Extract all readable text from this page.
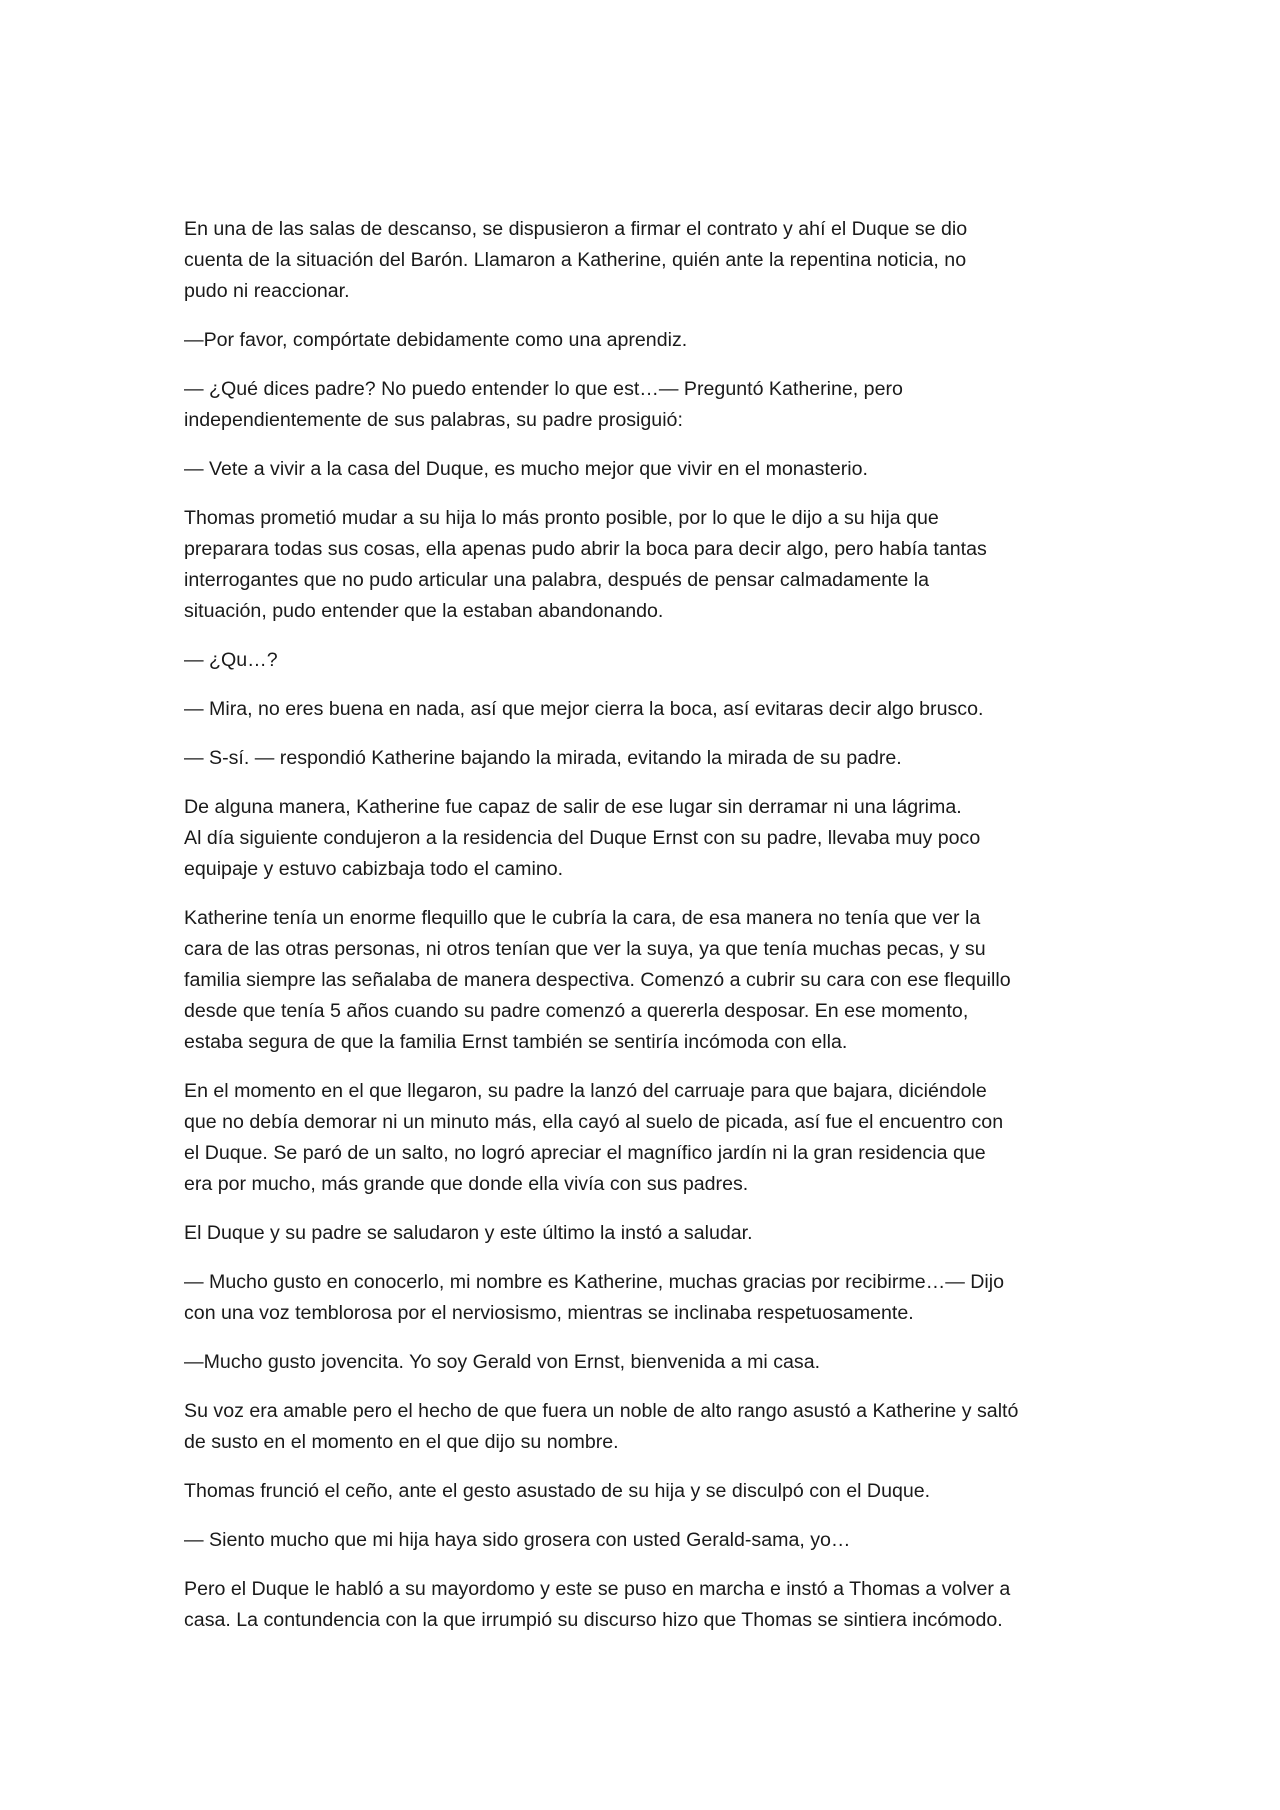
En una de las salas de descanso, se dispusieron a firmar el contrato y ahí el Duque se dio
cuenta de la situación del Barón. Llamaron a Katherine, quién ante la repentina noticia, no
pudo ni reaccionar.

—Por favor, compórtate debidamente como una aprendiz.

— ¿Qué dices padre? No puedo entender lo que est…— Preguntó Katherine, pero
independientemente de sus palabras, su padre prosiguió:

— Vete a vivir a la casa del Duque, es mucho mejor que vivir en el monasterio.

Thomas prometió mudar a su hija lo más pronto posible, por lo que le dijo a su hija que
preparara todas sus cosas, ella apenas pudo abrir la boca para decir algo, pero había tantas
interrogantes que no pudo articular una palabra, después de pensar calmadamente la
situación, pudo entender que la estaban abandonando.

— ¿Qu…?

— Mira, no eres buena en nada, así que mejor cierra la boca, así evitaras decir algo brusco.

— S-sí. — respondió Katherine bajando la mirada, evitando la mirada de su padre.

De alguna manera, Katherine fue capaz de salir de ese lugar sin derramar ni una lágrima.
Al día siguiente condujeron a la residencia del Duque Ernst con su padre, llevaba muy poco
equipaje y estuvo cabizbaja todo el camino.

Katherine tenía un enorme flequillo que le cubría la cara, de esa manera no tenía que ver la
cara de las otras personas, ni otros tenían que ver la suya, ya que tenía muchas pecas, y su
familia siempre las señalaba de manera despectiva. Comenzó a cubrir su cara con ese flequillo
desde que tenía 5 años cuando su padre comenzó a quererla desposar. En ese momento,
estaba segura de que la familia Ernst también se sentiría incómoda con ella.

En el momento en el que llegaron, su padre la lanzó del carruaje para que bajara, diciéndole
que no debía demorar ni un minuto más, ella cayó al suelo de picada, así fue el encuentro con
el Duque. Se paró de un salto, no logró apreciar el magnífico jardín ni la gran residencia que
era por mucho, más grande que donde ella vivía con sus padres.

El Duque y su padre se saludaron y este último la instó a saludar.

— Mucho gusto en conocerlo, mi nombre es Katherine, muchas gracias por recibirme…— Dijo
con una voz temblorosa por el nerviosismo, mientras se inclinaba respetuosamente.

—Mucho gusto jovencita. Yo soy Gerald von Ernst, bienvenida a mi casa.

Su voz era amable pero el hecho de que fuera un noble de alto rango asustó a Katherine y saltó
de susto en el momento en el que dijo su nombre.

Thomas frunció el ceño, ante el gesto asustado de su hija y se disculpó con el Duque.

— Siento mucho que mi hija haya sido grosera con usted Gerald-sama, yo…

Pero el Duque le habló a su mayordomo y este se puso en marcha e instó a Thomas a volver a
casa. La contundencia con la que irrumpió su discurso hizo que Thomas se sintiera incómodo.
